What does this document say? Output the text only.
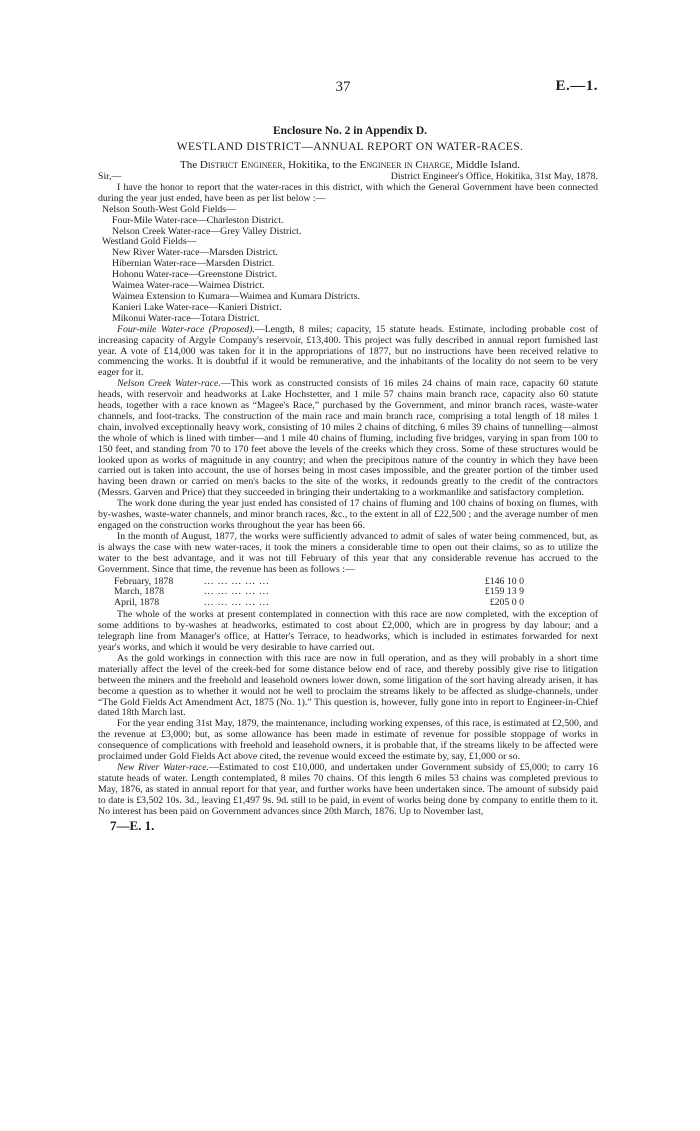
37	E.—1.
Enclosure No. 2 in Appendix D.
WESTLAND DISTRICT—ANNUAL REPORT ON WATER-RACES.
The District Engineer, Hokitika, to the Engineer in Charge, Middle Island.
Sir,—	District Engineer's Office, Hokitika, 31st May, 1878.

I have the honor to report that the water-races in this district, with which the General Government have been connected during the year just ended, have been as per list below :—

Nelson South-West Gold Fields—
Four-Mile Water-race—Charleston District.
Nelson Creek Water-race—Grey Valley District.
Westland Gold Fields—
New River Water-race—Marsden District.
Hibernian Water-race—Marsden District.
Hohonu Water-race—Greenstone District.
Waimea Water-race—Waimea District.
Waimea Extension to Kumara—Waimea and Kumara Districts.
Kanieri Lake Water-race—Kanieri District.
Mikonui Water-race—Totara District.

Four-mile Water-race (Proposed).—Length, 8 miles; capacity, 15 statute heads. Estimate, including probable cost of increasing capacity of Argyle Company's reservoir, £13,400. This project was fully described in annual report furnished last year. A vote of £14,000 was taken for it in the appropriations of 1877, but no instructions have been received relative to commencing the works. It is doubtful if it would be remunerative, and the inhabitants of the locality do not seem to be very eager for it.

Nelson Creek Water-race.—This work as constructed consists of 16 miles 24 chains of main race, capacity 60 statute heads, with reservoir and headworks at Lake Hochstetter, and 1 mile 57 chains main branch race, capacity also 60 statute heads, together with a race known as “Magee's Race,” purchased by the Government, and minor branch races, waste-water channels, and foot-tracks. The construction of the main race and main branch race, comprising a total length of 18 miles 1 chain, involved exceptionally heavy work, consisting of 10 miles 2 chains of ditching, 6 miles 39 chains of tunnelling—almost the whole of which is lined with timber—and 1 mile 40 chains of fluming, including five bridges, varying in span from 100 to 150 feet, and standing from 70 to 170 feet above the levels of the creeks which they cross. Some of these structures would be looked upon as works of magnitude in any country; and when the precipitous nature of the country in which they have been carried out is taken into account, the use of horses being in most cases impossible, and the greater portion of the timber used having been drawn or carried on men's backs to the site of the works, it redounds greatly to the credit of the contractors (Messrs. Garven and Price) that they succeeded in bringing their undertaking to a workmanlike and satisfactory completion.

The work done during the year just ended has consisted of 17 chains of fluming and 100 chains of boxing on flumes, with by-washes, waste-water channels, and minor branch races, &c., to the extent in all of £22,500 ; and the average number of men engaged on the construction works throughout the year has been 66.

In the month of August, 1877, the works were sufficiently advanced to admit of sales of water being commenced, but, as is always the case with new water-races, it took the miners a considerable time to open out their claims, so as to utilize the water to the best advantage, and it was not till February of this year that any considerable revenue has accrued to the Government. Since that time, the revenue has been as follows :—

February, 1878	... ... ... ... ...	£146 10 0
March, 1878	... ... ... ... ...	£159 13 9
April, 1878	... ... ... ... ...	£205 0 0

The whole of the works at present contemplated in connection with this race are now completed, with the exception of some additions to by-washes at headworks, estimated to cost about £2,000, which are in progress by day labour; and a telegraph line from Manager's office, at Hatter's Terrace, to headworks, which is included in estimates forwarded for next year's works, and which it would be very desirable to have carried out.

As the gold workings in connection with this race are now in full operation, and as they will probably in a short time materially affect the level of the creek-bed for some distance below end of race, and thereby possibly give rise to litigation between the miners and the freehold and leasehold owners lower down, some litigation of the sort having already arisen, it has become a question as to whether it would not be well to proclaim the streams likely to be affected as sludge-channels, under “The Gold Fields Act Amendment Act, 1875 (No. 1).” This question is, however, fully gone into in report to Engineer-in-Chief dated 18th March last.

For the year ending 31st May, 1879, the maintenance, including working expenses, of this race, is estimated at £2,500, and the revenue at £3,000; but, as some allowance has been made in estimate of revenue for possible stoppage of works in consequence of complications with freehold and leasehold owners, it is probable that, if the streams likely to be affected were proclaimed under Gold Fields Act above cited, the revenue would exceed the estimate by, say, £1,000 or so.

New River Water-race.—Estimated to cost £10,000, and undertaken under Government subsidy of £5,000; to carry 16 statute heads of water. Length contemplated, 8 miles 70 chains. Of this length 6 miles 53 chains was completed previous to May, 1876, as stated in annual report for that year, and further works have been undertaken since. The amount of subsidy paid to date is £3,502 10s. 3d., leaving £1,497 9s. 9d. still to be paid, in event of works being done by company to entitle them to it. No interest has been paid on Government advances since 20th March, 1876. Up to November last,

7—E. 1.
